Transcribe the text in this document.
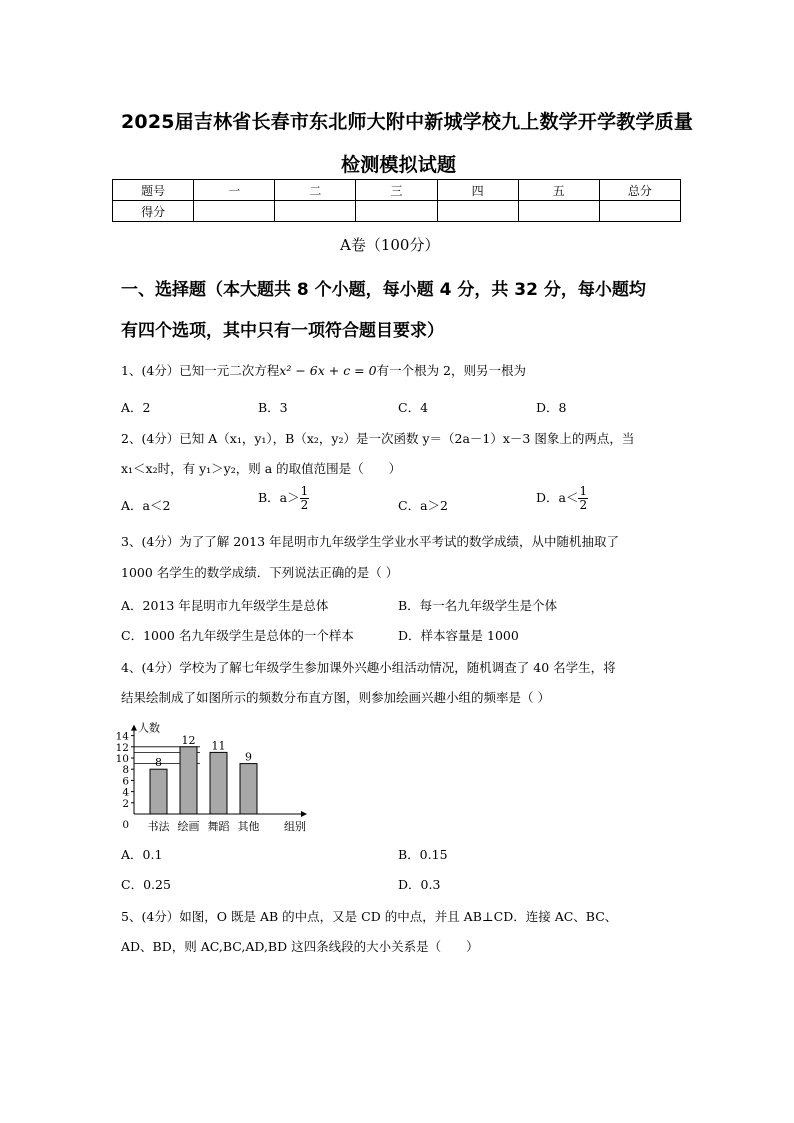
2025届吉林省长春市东北师大附中新城学校九上数学开学教学质量
检测模拟试题
题号	一	二	三	四	五	总分
得分						
A卷（100分）
一、选择题（本大题共 8 个小题，每小题 4 分，共 32 分，每小题均
有四个选项，其中只有一项符合题目要求）
1、(4分）已知一元二次方程x² − 6x + c = 0有一个根为 2，则另一根为
A．2	B．3	C．4	D．8
2、(4分）已知 A（x₁，y₁），B（x₂，y₂）是一次函数 y＝（2a－1）x－3 图象上的两点，当
x₁＜x₂时，有 y₁＞y₂，则 a 的取值范围是（　　）
A．a＜2
B．$a> \frac{1}{2}$	C．a＞2
D．$a< \frac{1}{2}$
3、(4分）为了了解 2013 年昆明市九年级学生学业水平考试的数学成绩，从中随机抽取了
1000 名学生的数学成绩．下列说法正确的是（ ）
A．2013 年昆明市九年级学生是总体	B．每一名九年级学生是个体
C．1000 名九年级学生是总体的一个样本	D．样本容量是 1000
4、(4分）学校为了解七年级学生参加课外兴趣小组活动情况，随机调查了 40 名学生，将
结果绘制成了如图所示的频数分布直方图，则参加绘画兴趣小组的频率是（ ）
人数
组别
0
2
4
6
8
10
12
14
8
书法
12
绘画
11
舞蹈
9
其他
A．0.1	B．0.15
C．0.25	D．0.3
5、(4分）如图，O 既是 AB 的中点，又是 CD 的中点，并且 AB⊥CD．连接 AC、BC、
AD、BD，则 AC,BC,AD,BD 这四条线段的大小关系是（　　）
